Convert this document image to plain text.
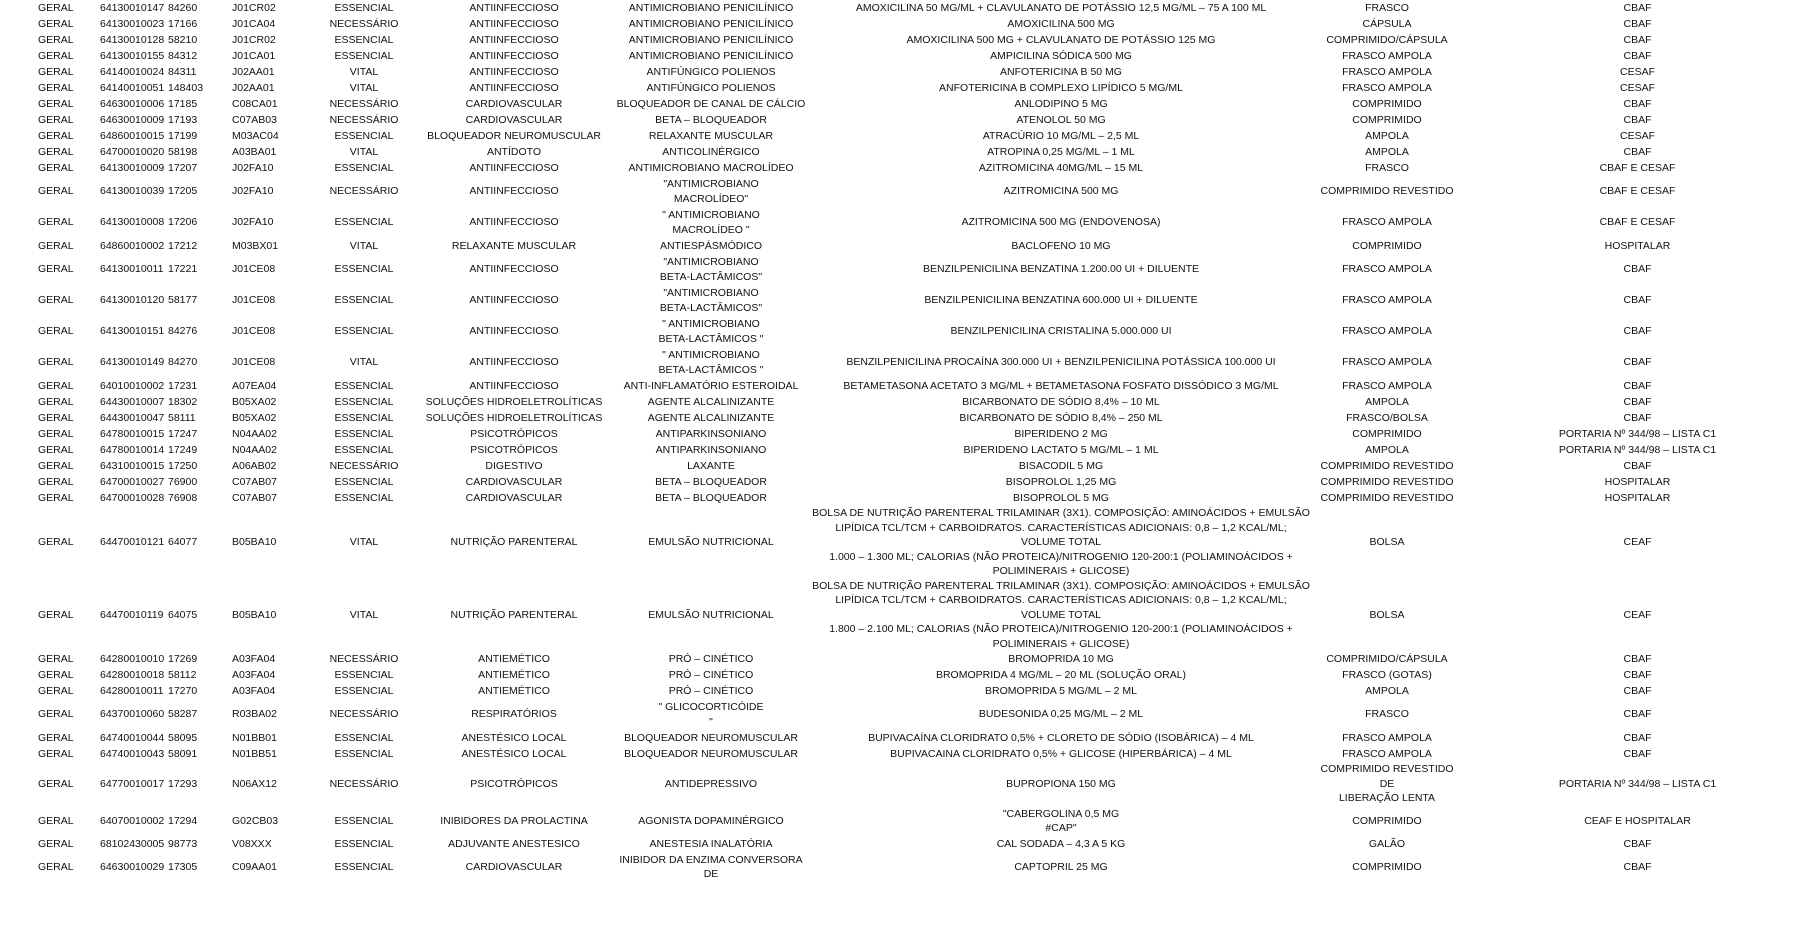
GERAL	64130010147	84260	J01CR02	ESSENCIAL	ANTIINFECCIOSO	ANTIMICROBIANO PENICILÍNICO	AMOXICILINA 50 MG/ML + CLAVULANATO DE POTÁSSIO 12,5 MG/ML – 75 A 100 ML	FRASCO	CBAF
GERAL	64130010023	17166	J01CA04	NECESSÁRIO	ANTIINFECCIOSO	ANTIMICROBIANO PENICILÍNICO	AMOXICILINA 500 MG	CÁPSULA	CBAF
GERAL	64130010128	58210	J01CR02	ESSENCIAL	ANTIINFECCIOSO	ANTIMICROBIANO PENICILÍNICO	AMOXICILINA 500 MG + CLAVULANATO DE POTÁSSIO 125 MG	COMPRIMIDO/CÁPSULA	CBAF
GERAL	64130010155	84312	J01CA01	ESSENCIAL	ANTIINFECCIOSO	ANTIMICROBIANO PENICILÍNICO	AMPICILINA SÓDICA 500 MG	FRASCO AMPOLA	CBAF
GERAL	64140010024	84311	J02AA01	VITAL	ANTIINFECCIOSO	ANTIFÚNGICO POLIENOS	ANFOTERICINA B 50 MG	FRASCO AMPOLA	CESAF
GERAL	64140010051	148403	J02AA01	VITAL	ANTIINFECCIOSO	ANTIFÚNGICO POLIENOS	ANFOTERICINA B COMPLEXO LIPÍDICO 5 MG/ML	FRASCO AMPOLA	CESAF
GERAL	64630010006	17185	C08CA01	NECESSÁRIO	CARDIOVASCULAR	BLOQUEADOR DE CANAL DE CÁLCIO	ANLODIPINO 5 MG	COMPRIMIDO	CBAF
GERAL	64630010009	17193	C07AB03	NECESSÁRIO	CARDIOVASCULAR	BETA – BLOQUEADOR	ATENOLOL 50 MG	COMPRIMIDO	CBAF
GERAL	64860010015	17199	M03AC04	ESSENCIAL	BLOQUEADOR NEUROMUSCULAR	RELAXANTE MUSCULAR	ATRACÚRIO 10 MG/ML – 2,5 ML	AMPOLA	CESAF
GERAL	64700010020	58198	A03BA01	VITAL	ANTÍDOTO	ANTICOLINÉRGICO	ATROPINA 0,25 MG/ML – 1 ML	AMPOLA	CBAF
GERAL	64130010009	17207	J02FA10	ESSENCIAL	ANTIINFECCIOSO	ANTIMICROBIANO MACROLÍDEO	AZITROMICINA 40MG/ML – 15 ML	FRASCO	CBAF E CESAF
GERAL	64130010039	17205	J02FA10	NECESSÁRIO	ANTIINFECCIOSO	"ANTIMICROBIANO
MACROLÍDEO"	AZITROMICINA 500 MG	COMPRIMIDO REVESTIDO	CBAF E CESAF
GERAL	64130010008	17206	J02FA10	ESSENCIAL	ANTIINFECCIOSO	" ANTIMICROBIANO
MACROLÍDEO "	AZITROMICINA 500 MG (ENDOVENOSA)	FRASCO AMPOLA	CBAF E CESAF
GERAL	64860010002	17212	M03BX01	VITAL	RELAXANTE MUSCULAR	ANTIESPÁSMÓDICO	BACLOFENO 10 MG	COMPRIMIDO	HOSPITALAR
GERAL	64130010011	17221	J01CE08	ESSENCIAL	ANTIINFECCIOSO	"ANTIMICROBIANO
BETA-LACTÂMICOS"	BENZILPENICILINA BENZATINA 1.200.00 UI + DILUENTE	FRASCO AMPOLA	CBAF
GERAL	64130010120	58177	J01CE08	ESSENCIAL	ANTIINFECCIOSO	"ANTIMICROBIANO
BETA-LACTÂMICOS"	BENZILPENICILINA BENZATINA 600.000 UI + DILUENTE	FRASCO AMPOLA	CBAF
GERAL	64130010151	84276	J01CE08	ESSENCIAL	ANTIINFECCIOSO	" ANTIMICROBIANO
BETA-LACTÂMICOS "	BENZILPENICILINA CRISTALINA 5.000.000 UI	FRASCO AMPOLA	CBAF
GERAL	64130010149	84270	J01CE08	VITAL	ANTIINFECCIOSO	" ANTIMICROBIANO
BETA-LACTÂMICOS "	BENZILPENICILINA PROCAÍNA 300.000 UI + BENZILPENICILINA POTÁSSICA 100.000 UI	FRASCO AMPOLA	CBAF
GERAL	64010010002	17231	A07EA04	ESSENCIAL	ANTIINFECCIOSO	ANTI-INFLAMATÓRIO ESTEROIDAL	BETAMETASONA ACETATO 3 MG/ML + BETAMETASONA FOSFATO DISSÓDICO 3 MG/ML	FRASCO AMPOLA	CBAF
GERAL	64430010007	18302	B05XA02	ESSENCIAL	SOLUÇÕES HIDROELETROLÍTICAS	AGENTE ALCALINIZANTE	BICARBONATO DE SÓDIO 8,4% – 10 ML	AMPOLA	CBAF
GERAL	64430010047	58111	B05XA02	ESSENCIAL	SOLUÇÕES HIDROELETROLÍTICAS	AGENTE ALCALINIZANTE	BICARBONATO DE SÓDIO 8,4% – 250 ML	FRASCO/BOLSA	CBAF
GERAL	64780010015	17247	N04AA02	ESSENCIAL	PSICOTRÓPICOS	ANTIPARKINSONIANO	BIPERIDENO 2 MG	COMPRIMIDO	PORTARIA Nº 344/98 – LISTA C1
GERAL	64780010014	17249	N04AA02	ESSENCIAL	PSICOTRÓPICOS	ANTIPARKINSONIANO	BIPERIDENO LACTATO 5 MG/ML – 1 ML	AMPOLA	PORTARIA Nº 344/98 – LISTA C1
GERAL	64310010015	17250	A06AB02	NECESSÁRIO	DIGESTIVO	LAXANTE	BISACODIL 5 MG	COMPRIMIDO REVESTIDO	CBAF
GERAL	64700010027	76900	C07AB07	ESSENCIAL	CARDIOVASCULAR	BETA – BLOQUEADOR	BISOPROLOL 1,25 MG	COMPRIMIDO REVESTIDO	HOSPITALAR
GERAL	64700010028	76908	C07AB07	ESSENCIAL	CARDIOVASCULAR	BETA – BLOQUEADOR	BISOPROLOL 5 MG	COMPRIMIDO REVESTIDO	HOSPITALAR
GERAL	64470010121	64077	B05BA10	VITAL	NUTRIÇÃO PARENTERAL	EMULSÃO NUTRICIONAL	BOLSA DE NUTRIÇÃO PARENTERAL TRILAMINAR (3X1). COMPOSIÇÃO: AMINOÁCIDOS + EMULSÃO
LIPÍDICA TCL/TCM + CARBOIDRATOS. CARACTERÍSTICAS ADICIONAIS: 0,8 – 1,2 KCAL/ML; VOLUME TOTAL
1.000 – 1.300 ML; CALORIAS (NÃO PROTEICA)/NITROGENIO 120-200:1 (POLIAMINOÁCIDOS +
POLIMINERAIS + GLICOSE)	BOLSA	CEAF
GERAL	64470010119	64075	B05BA10	VITAL	NUTRIÇÃO PARENTERAL	EMULSÃO NUTRICIONAL	BOLSA DE NUTRIÇÃO PARENTERAL TRILAMINAR (3X1). COMPOSIÇÃO: AMINOÁCIDOS + EMULSÃO
LIPÍDICA TCL/TCM + CARBOIDRATOS. CARACTERÍSTICAS ADICIONAIS: 0,8 – 1,2 KCAL/ML; VOLUME TOTAL
1.800 – 2.100 ML; CALORIAS (NÃO PROTEICA)/NITROGENIO 120-200:1 (POLIAMINOÁCIDOS +
POLIMINERAIS + GLICOSE)	BOLSA	CEAF
GERAL	64280010010	17269	A03FA04	NECESSÁRIO	ANTIEMÉTICO	PRÓ – CINÉTICO	BROMOPRIDA 10 MG	COMPRIMIDO/CÁPSULA	CBAF
GERAL	64280010018	58112	A03FA04	ESSENCIAL	ANTIEMÉTICO	PRÓ – CINÉTICO	BROMOPRIDA 4 MG/ML – 20 ML (SOLUÇÃO ORAL)	FRASCO (GOTAS)	CBAF
GERAL	64280010011	17270	A03FA04	ESSENCIAL	ANTIEMÉTICO	PRÓ – CINÉTICO	BROMOPRIDA 5 MG/ML – 2 ML	AMPOLA	CBAF
GERAL	64370010060	58287	R03BA02	NECESSÁRIO	RESPIRATÓRIOS	" GLICOCORTICÓIDE
"	BUDESONIDA 0,25 MG/ML – 2 ML	FRASCO	CBAF
GERAL	64740010044	58095	N01BB01	ESSENCIAL	ANESTÉSICO LOCAL	BLOQUEADOR NEUROMUSCULAR	BUPIVACAÍNA CLORIDRATO 0,5% + CLORETO DE SÓDIO (ISOBÁRICA) – 4 ML	FRASCO AMPOLA	CBAF
GERAL	64740010043	58091	N01BB51	ESSENCIAL	ANESTÉSICO LOCAL	BLOQUEADOR NEUROMUSCULAR	BUPIVACAINA CLORIDRATO 0,5% + GLICOSE (HIPERBÁRICA) – 4 ML	FRASCO AMPOLA	CBAF
GERAL	64770010017	17293	N06AX12	NECESSÁRIO	PSICOTRÓPICOS	ANTIDEPRESSIVO	BUPROPIONA 150 MG	COMPRIMIDO REVESTIDO DE
LIBERAÇÃO LENTA	PORTARIA Nº 344/98 – LISTA C1
GERAL	64070010002	17294	G02CB03	ESSENCIAL	INIBIDORES DA PROLACTINA	AGONISTA DOPAMINÉRGICO	"CABERGOLINA 0,5 MG
#CAP"	COMPRIMIDO	CEAF E HOSPITALAR
GERAL	68102430005	98773	V08XXX	ESSENCIAL	ADJUVANTE ANESTESICO	ANESTESIA INALATÓRIA	CAL SODADA – 4,3 A 5 KG	GALÃO	CBAF
GERAL	64630010029	17305	C09AA01	ESSENCIAL	CARDIOVASCULAR	INIBIDOR DA ENZIMA CONVERSORA DE	CAPTOPRIL 25 MG	COMPRIMIDO	CBAF
